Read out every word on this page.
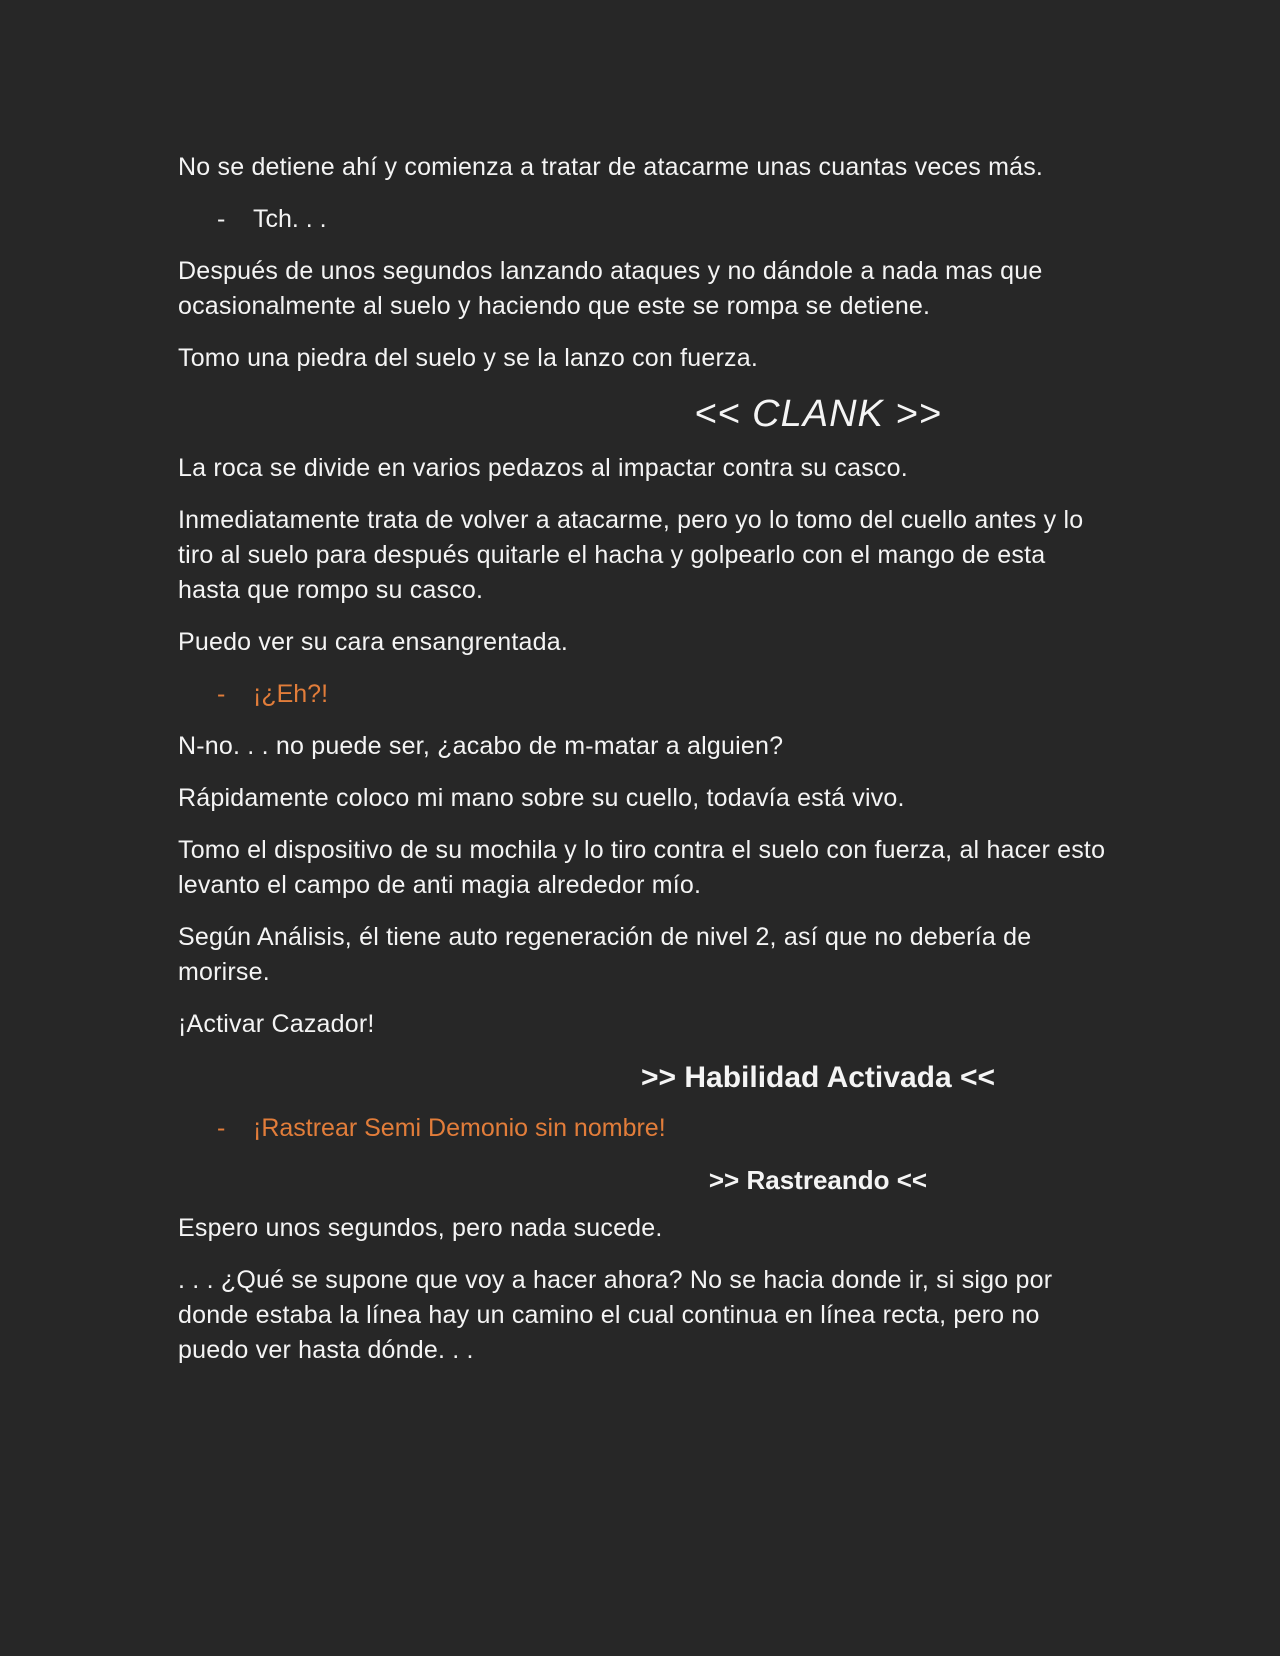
No se detiene ahí y comienza a tratar de atacarme unas cuantas veces más.

-	Tch. . .

Después de unos segundos lanzando ataques y no dándole a nada mas que ocasionalmente al suelo y haciendo que este se rompa se detiene.

Tomo una piedra del suelo y se la lanzo con fuerza.

<< CLANK >>

La roca se divide en varios pedazos al impactar contra su casco.

Inmediatamente trata de volver a atacarme, pero yo lo tomo del cuello antes y lo tiro al suelo para después quitarle el hacha y golpearlo con el mango de esta hasta que rompo su casco.

Puedo ver su cara ensangrentada.

-	¡¿Eh?!

N-no. . . no puede ser, ¿acabo de m-matar a alguien?

Rápidamente coloco mi mano sobre su cuello, todavía está vivo.

Tomo el dispositivo de su mochila y lo tiro contra el suelo con fuerza, al hacer esto levanto el campo de anti magia alrededor mío.

Según Análisis, él tiene auto regeneración de nivel 2, así que no debería de morirse.

¡Activar Cazador!

>> Habilidad Activada <<
-	¡Rastrear Semi Demonio sin nombre!
>> Rastreando <<

Espero unos segundos, pero nada sucede.

. . . ¿Qué se supone que voy a hacer ahora? No se hacia donde ir, si sigo por donde estaba la línea hay un camino el cual continua en línea recta, pero no puedo ver hasta dónde. . .
